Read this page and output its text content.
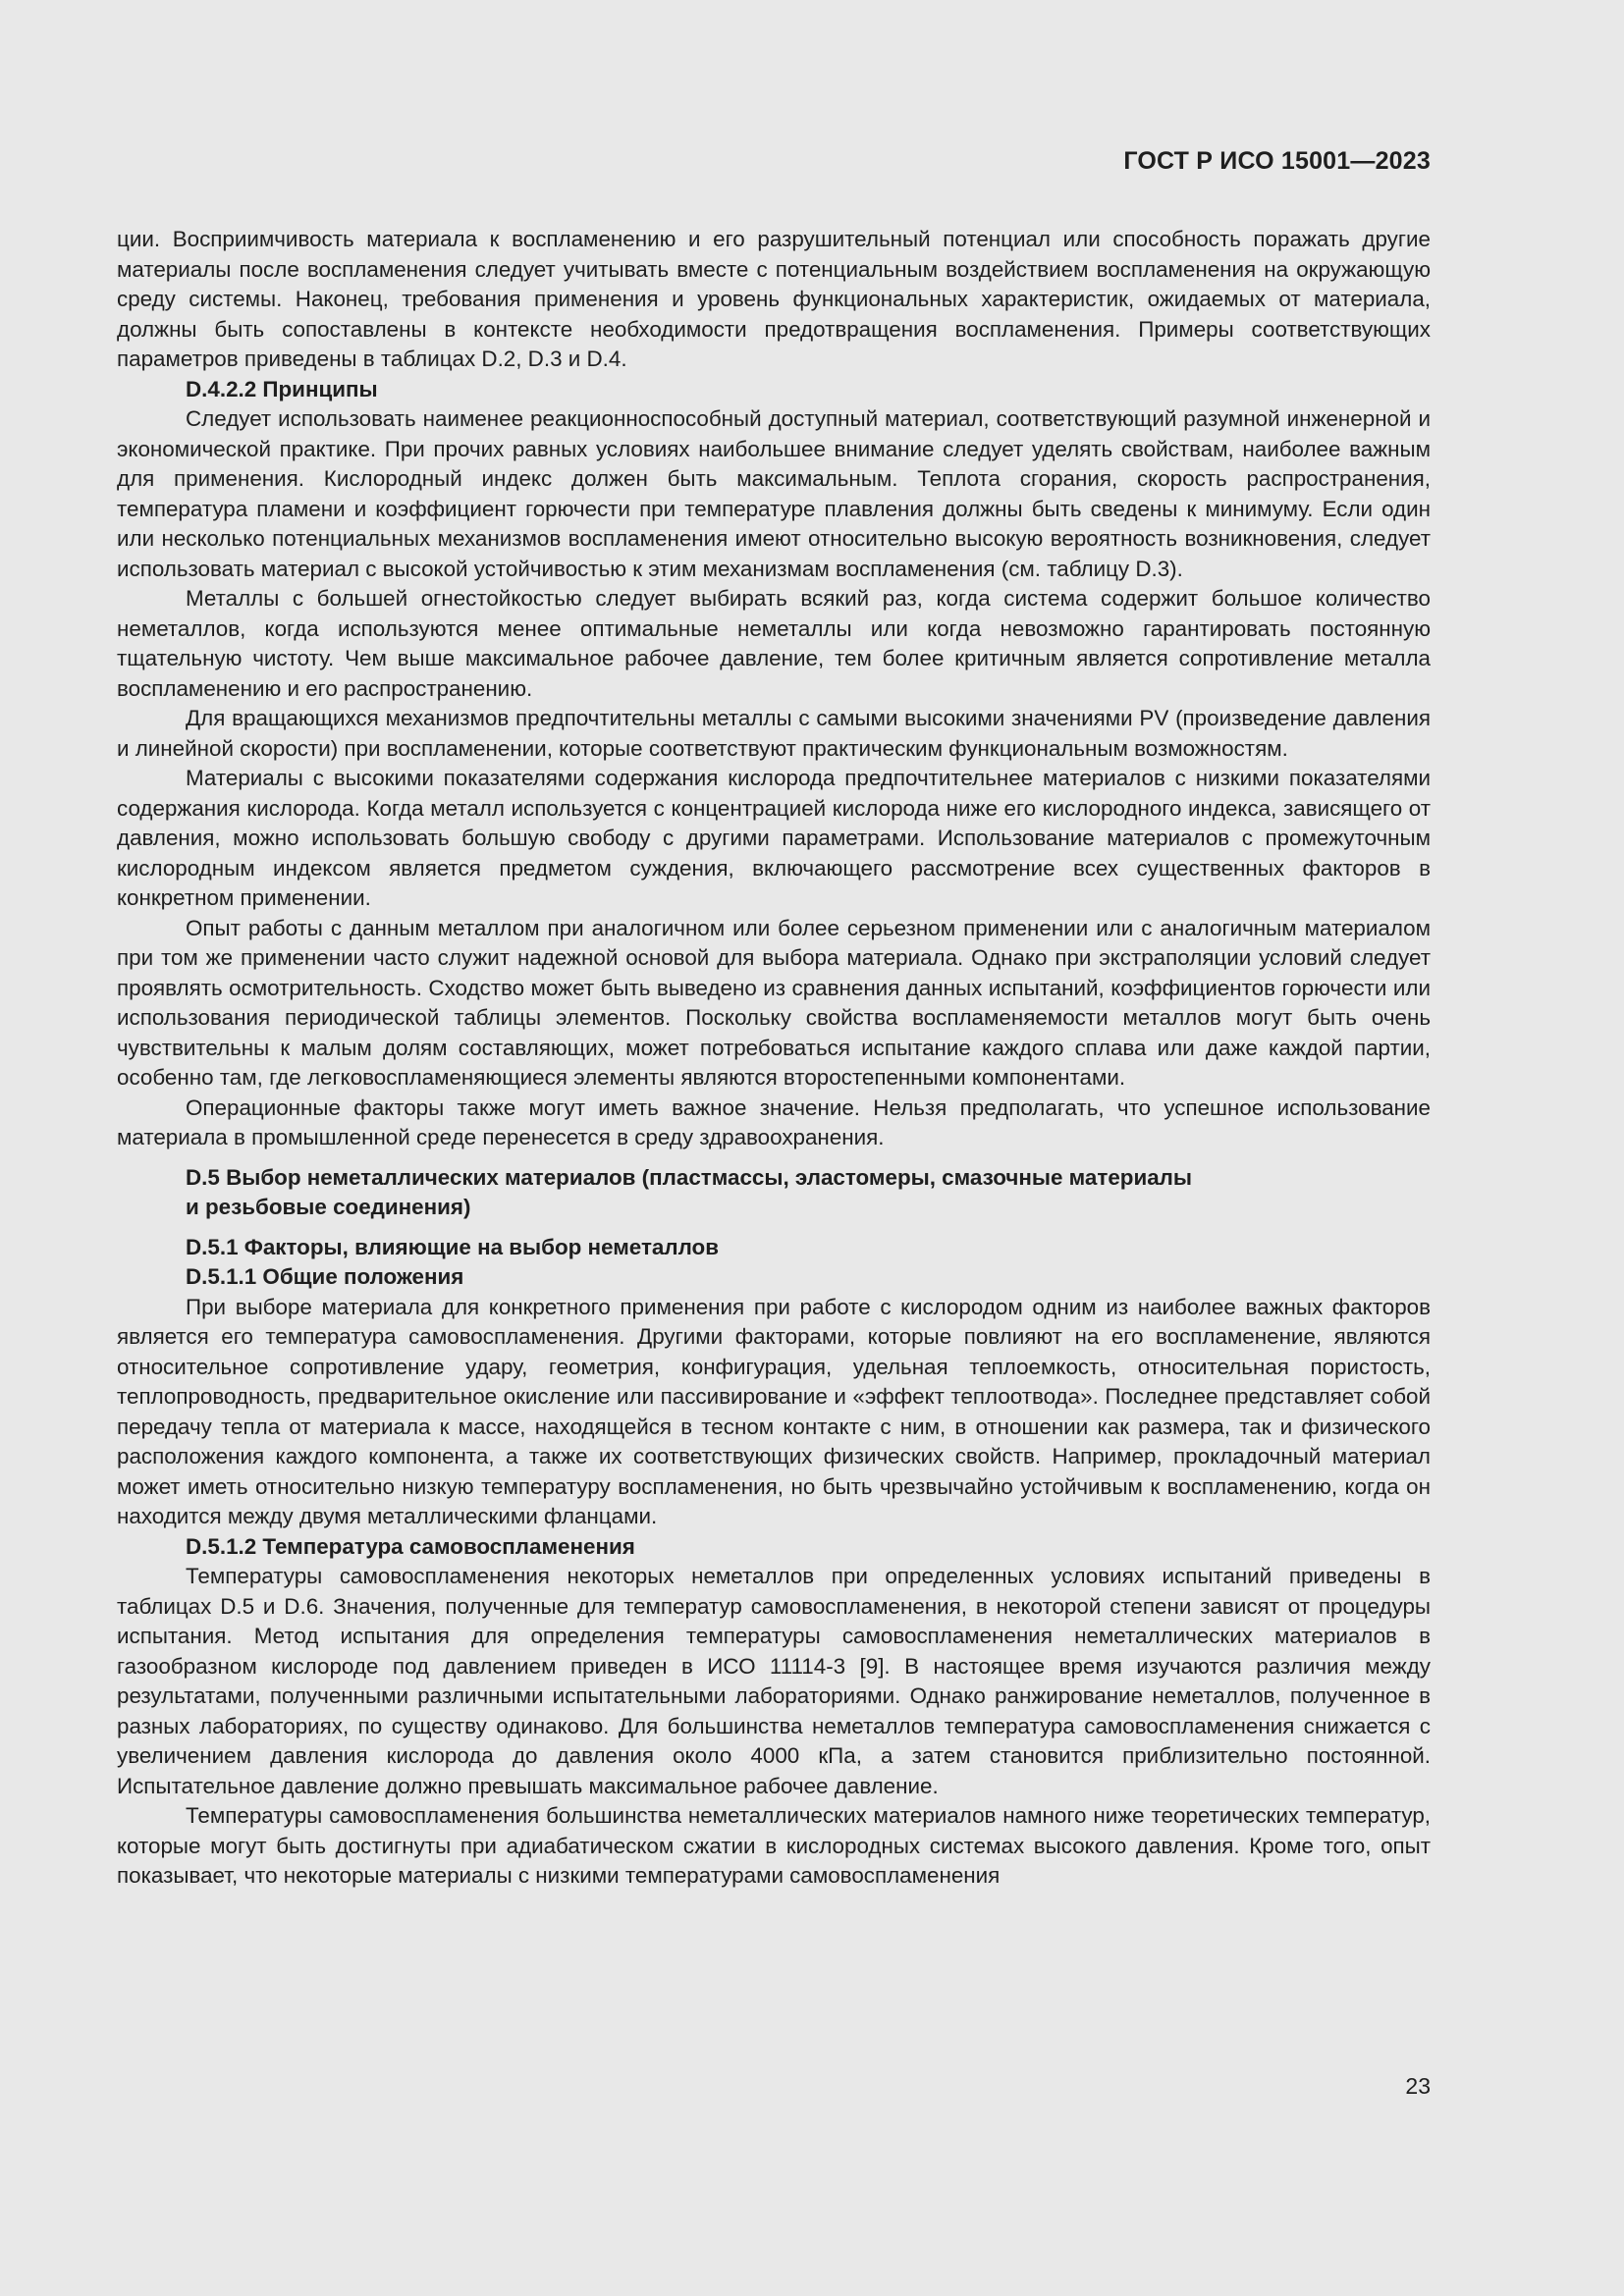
ГОСТ Р ИСО 15001—2023

ции. Восприимчивость материала к воспламенению и его разрушительный потенциал или способность поражать другие материалы после воспламенения следует учитывать вместе с потенциальным воздействием воспламенения на окружающую среду системы. Наконец, требования применения и уровень функциональных характеристик, ожидаемых от материала, должны быть сопоставлены в контексте необходимости предотвращения воспламенения. Примеры соответствующих параметров приведены в таблицах D.2, D.3 и D.4.

D.4.2.2 Принципы

Следует использовать наименее реакционноспособный доступный материал, соответствующий разумной инженерной и экономической практике. При прочих равных условиях наибольшее внимание следует уделять свойствам, наиболее важным для применения. Кислородный индекс должен быть максимальным. Теплота сгорания, скорость распространения, температура пламени и коэффициент горючести при температуре плавления должны быть сведены к минимуму. Если один или несколько потенциальных механизмов воспламенения имеют относительно высокую вероятность возникновения, следует использовать материал с высокой устойчивостью к этим механизмам воспламенения (см. таблицу D.3).

Металлы с большей огнестойкостью следует выбирать всякий раз, когда система содержит большое количество неметаллов, когда используются менее оптимальные неметаллы или когда невозможно гарантировать постоянную тщательную чистоту. Чем выше максимальное рабочее давление, тем более критичным является сопротивление металла воспламенению и его распространению.

Для вращающихся механизмов предпочтительны металлы с самыми высокими значениями PV (произведение давления и линейной скорости) при воспламенении, которые соответствуют практическим функциональным возможностям.

Материалы с высокими показателями содержания кислорода предпочтительнее материалов с низкими показателями содержания кислорода. Когда металл используется с концентрацией кислорода ниже его кислородного индекса, зависящего от давления, можно использовать большую свободу с другими параметрами. Использование материалов с промежуточным кислородным индексом является предметом суждения, включающего рассмотрение всех существенных факторов в конкретном применении.

Опыт работы с данным металлом при аналогичном или более серьезном применении или с аналогичным материалом при том же применении часто служит надежной основой для выбора материала. Однако при экстраполяции условий следует проявлять осмотрительность. Сходство может быть выведено из сравнения данных испытаний, коэффициентов горючести или использования периодической таблицы элементов. Поскольку свойства воспламеняемости металлов могут быть очень чувствительны к малым долям составляющих, может потребоваться испытание каждого сплава или даже каждой партии, особенно там, где легковоспламеняющиеся элементы являются второстепенными компонентами.

Операционные факторы также могут иметь важное значение. Нельзя предполагать, что успешное использование материала в промышленной среде перенесется в среду здравоохранения.

D.5 Выбор неметаллических материалов (пластмассы, эластомеры, смазочные материалы
и резьбовые соединения)
D.5.1 Факторы, влияющие на выбор неметаллов
D.5.1.1 Общие положения

При выборе материала для конкретного применения при работе с кислородом одним из наиболее важных факторов является его температура самовоспламенения. Другими факторами, которые повлияют на его воспламенение, являются относительное сопротивление удару, геометрия, конфигурация, удельная теплоемкость, относительная пористость, теплопроводность, предварительное окисление или пассивирование и «эффект теплоотвода». Последнее представляет собой передачу тепла от материала к массе, находящейся в тесном контакте с ним, в отношении как размера, так и физического расположения каждого компонента, а также их соответствующих физических свойств. Например, прокладочный материал может иметь относительно низкую температуру воспламенения, но быть чрезвычайно устойчивым к воспламенению, когда он находится между двумя металлическими фланцами.

D.5.1.2 Температура самовоспламенения

Температуры самовоспламенения некоторых неметаллов при определенных условиях испытаний приведены в таблицах D.5 и D.6. Значения, полученные для температур самовоспламенения, в некоторой степени зависят от процедуры испытания. Метод испытания для определения температуры самовоспламенения неметаллических материалов в газообразном кислороде под давлением приведен в ИСО 11114-3 [9]. В настоящее время изучаются различия между результатами, полученными различными испытательными лабораториями. Однако ранжирование неметаллов, полученное в разных лабораториях, по существу одинаково. Для большинства неметаллов температура самовоспламенения снижается с увеличением давления кислорода до давления около 4000 кПа, а затем становится приблизительно постоянной. Испытательное давление должно превышать максимальное рабочее давление.

Температуры самовоспламенения большинства неметаллических материалов намного ниже теоретических температур, которые могут быть достигнуты при адиабатическом сжатии в кислородных системах высокого давления. Кроме того, опыт показывает, что некоторые материалы с низкими температурами самовоспламенения

23
